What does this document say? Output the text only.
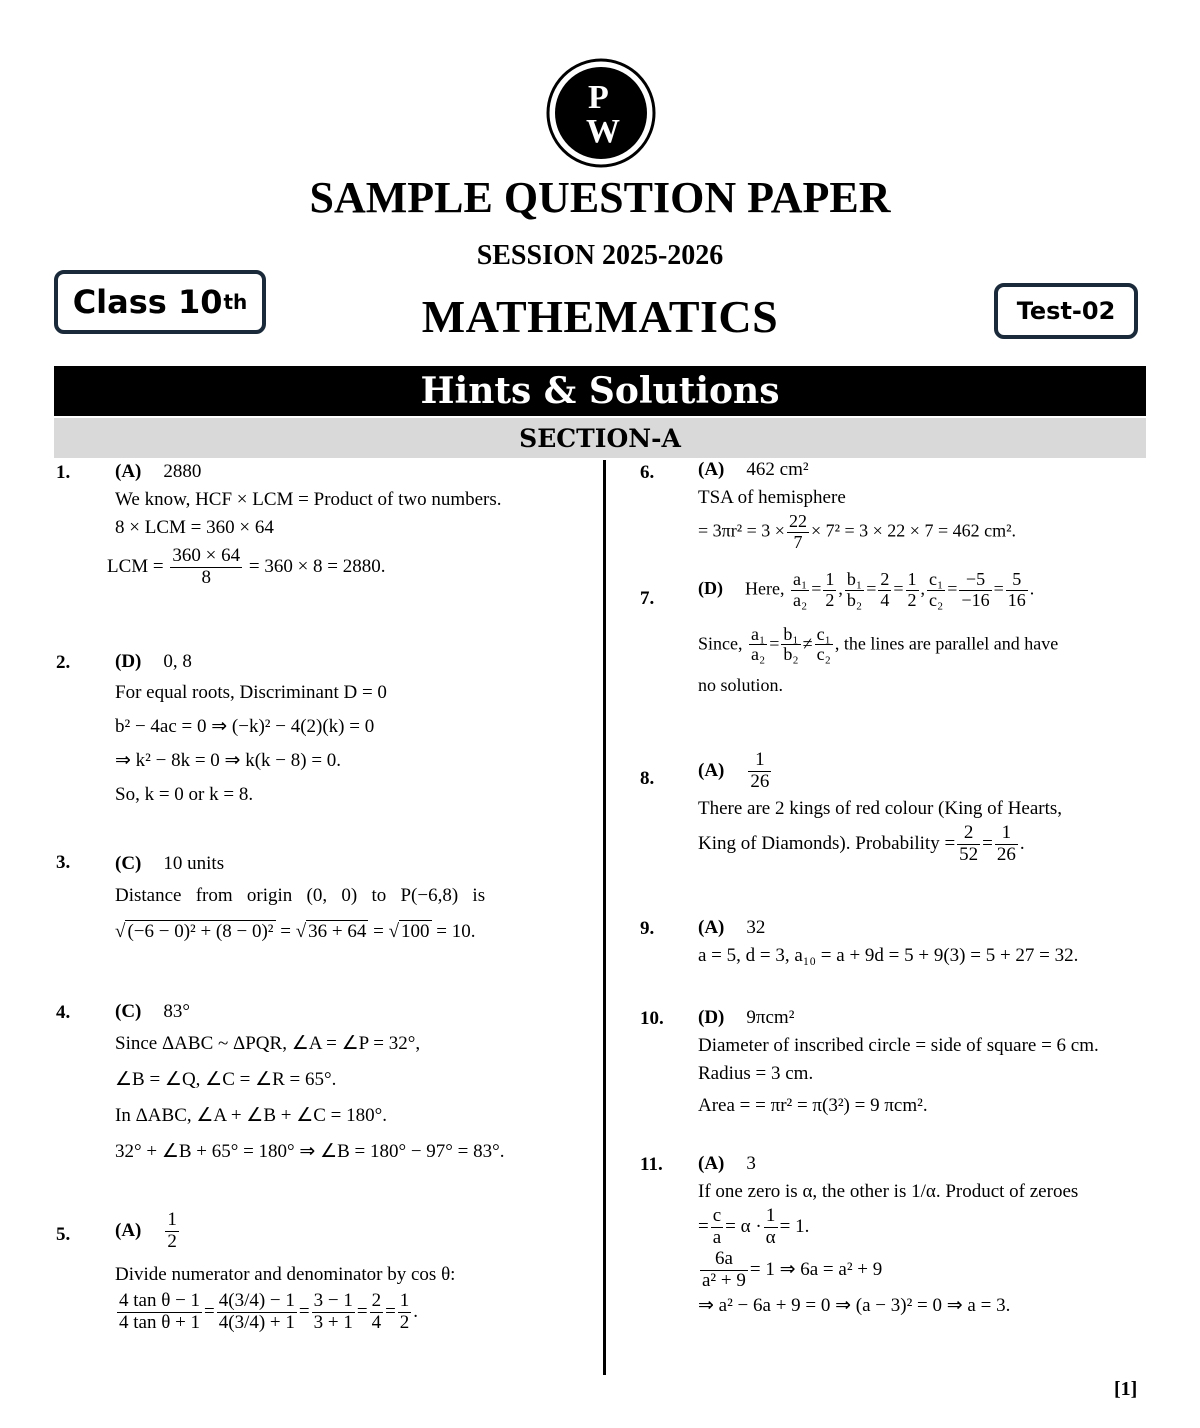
P
W
SAMPLE QUESTION PAPER
SESSION 2025-2026
MATHEMATICS
Class 10 th	Test-02
Hints & Solutions
SECTION-A
1. (A) 2880
We know, HCF × LCM = Product of two numbers.
8 × LCM = 360 × 64
LCM = $\frac{360 \times 64}{8} = 360 \times 8 = 2880$.
2. (D) 0, 8
For equal roots, Discriminant D = 0
b² − 4ac = 0 ⇒ (−k)² − 4(2)(k) = 0
⇒ k² − 8k = 0 ⇒ k(k − 8) = 0.
So, k = 0 or k = 8.
3. (C) 10 units
Distance   from   origin   (0,   0)   to   P(−6,8)   is
√ (−6 − 0)² + (8 − 0)² = √ 36 + 64 = √ 100 = 10.
4. (C) 83°
Since ΔABC ~ ΔPQR, ∠A = ∠P = 32°,
∠B = ∠Q, ∠C = ∠R = 65°.
In ΔABC, ∠A + ∠B + ∠C = 180°.
32° + ∠B + 65° = 180° ⇒ ∠B = 180° − 97° = 83°.
5. $(A) \frac{1}{2}$
Divide numerator and denominator by cos θ:
$\frac{\text{4 tan θ − 1}}{\text{4 tan θ + 1}} = \frac{4(3/4) - 1}{4(3/4) + 1} = \frac{3 - 1}{3 + 1} = \frac{2}{4} = \frac{1}{2}$ .
6. (A) 462 cm²
TSA of hemisphere
= $3\pi r^2 = 3 \times \frac{22}{7} \times 7^2 = 3 \times 22 \times 7 = 462$ cm².
7. (D) Here, $\frac{\text{a₁}}{\text{a₂}} = \frac{1}{2}$ , $\frac{\text{b₁}}{\text{b₂}} = \frac{2}{4} = \frac{1}{2}$ , $\frac{\text{c₁}}{\text{c₂}} = \frac{-5}{-16} = \frac{5}{16}$ .
Since, $\frac{\text{a₁}}{\text{a₂}} = \frac{\text{b₁}}{\text{b₂}} \ne \frac{\text{c₁}}{\text{c₂}}$ , the lines are parallel and have
no solution.
8. $(A) \frac{1}{26}$
There are 2 kings of red colour (King of Hearts,
King of Diamonds). Probability = $\frac{2}{52} = \frac{1}{26}$ .
9. (A) 32
a = 5, d = 3, a₁₀ = a + 9d = 5 + 9(3) = 5 + 27 = 32.
10. (D) 9πcm²
Diameter of inscribed circle = side of square = 6 cm.
Radius = 3 cm.
Area = = πr² = π(3²) = 9 πcm².
11. (A) 3
If one zero is α, the other is 1/α. Product of zeroes
= $\frac{c}{a} = \alpha \cdot \frac{1}{\alpha} = 1$.
$\frac{6a}{\text{a² + 9}} = 1$ ⇒ 6a = a² + 9
⇒ a² − 6a + 9 = 0 ⇒ (a − 3)² = 0 ⇒ a = 3.
[1]
